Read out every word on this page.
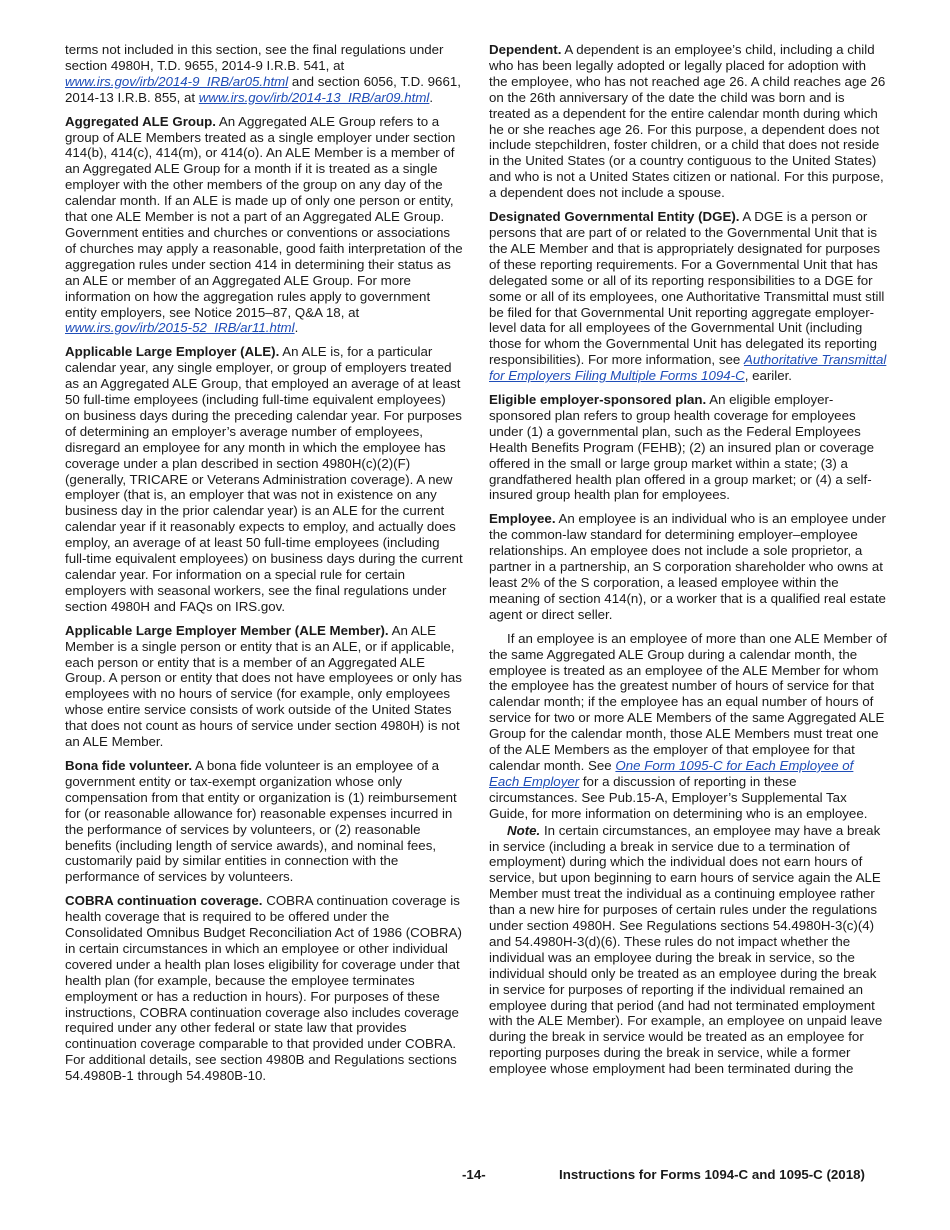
terms not included in this section, see the final regulations under section 4980H, T.D. 9655, 2014-9 I.R.B. 541, at www.irs.gov/irb/2014-9_IRB/ar05.html and section 6056, T.D. 9661, 2014-13 I.R.B. 855, at www.irs.gov/irb/2014-13_IRB/ar09.html.

Aggregated ALE Group. An Aggregated ALE Group refers to a group of ALE Members treated as a single employer under section 414(b), 414(c), 414(m), or 414(o). An ALE Member is a member of an Aggregated ALE Group for a month if it is treated as a single employer with the other members of the group on any day of the calendar month. If an ALE is made up of only one person or entity, that one ALE Member is not a part of an Aggregated ALE Group. Government entities and churches or conventions or associations of churches may apply a reasonable, good faith interpretation of the aggregation rules under section 414 in determining their status as an ALE or member of an Aggregated ALE Group. For more information on how the aggregation rules apply to government entity employers, see Notice 2015–87, Q&A 18, at www.irs.gov/irb/2015-52_IRB/ar11.html.

Applicable Large Employer (ALE). An ALE is, for a particular calendar year, any single employer, or group of employers treated as an Aggregated ALE Group, that employed an average of at least 50 full-time employees (including full-time equivalent employees) on business days during the preceding calendar year. For purposes of determining an employer’s average number of employees, disregard an employee for any month in which the employee has coverage under a plan described in section 4980H(c)(2)(F) (generally, TRICARE or Veterans Administration coverage). A new employer (that is, an employer that was not in existence on any business day in the prior calendar year) is an ALE for the current calendar year if it reasonably expects to employ, and actually does employ, an average of at least 50 full-time employees (including full-time equivalent employees) on business days during the current calendar year. For information on a special rule for certain employers with seasonal workers, see the final regulations under section 4980H and FAQs on IRS.gov.

Applicable Large Employer Member (ALE Member). An ALE Member is a single person or entity that is an ALE, or if applicable, each person or entity that is a member of an Aggregated ALE Group. A person or entity that does not have employees or only has employees with no hours of service (for example, only employees whose entire service consists of work outside of the United States that does not count as hours of service under section 4980H) is not an ALE Member.

Bona fide volunteer. A bona fide volunteer is an employee of a government entity or tax-exempt organization whose only compensation from that entity or organization is (1) reimbursement for (or reasonable allowance for) reasonable expenses incurred in the performance of services by volunteers, or (2) reasonable benefits (including length of service awards), and nominal fees, customarily paid by similar entities in connection with the performance of services by volunteers.

COBRA continuation coverage. COBRA continuation coverage is health coverage that is required to be offered under the Consolidated Omnibus Budget Reconciliation Act of 1986 (COBRA) in certain circumstances in which an employee or other individual covered under a health plan loses eligibility for coverage under that health plan (for example, because the employee terminates employment or has a reduction in hours). For purposes of these instructions, COBRA continuation coverage also includes coverage required under any other federal or state law that provides continuation coverage comparable to that provided under COBRA. For additional details, see section 4980B and Regulations sections 54.4980B-1 through 54.4980B-10.

Dependent. A dependent is an employee’s child, including a child who has been legally adopted or legally placed for adoption with the employee, who has not reached age 26. A child reaches age 26 on the 26th anniversary of the date the child was born and is treated as a dependent for the entire calendar month during which he or she reaches age 26. For this purpose, a dependent does not include stepchildren, foster children, or a child that does not reside in the United States (or a country contiguous to the United States) and who is not a United States citizen or national. For this purpose, a dependent does not include a spouse.

Designated Governmental Entity (DGE). A DGE is a person or persons that are part of or related to the Governmental Unit that is the ALE Member and that is appropriately designated for purposes of these reporting requirements. For a Governmental Unit that has delegated some or all of its reporting responsibilities to a DGE for some or all of its employees, one Authoritative Transmittal must still be filed for that Governmental Unit reporting aggregate employer-level data for all employees of the Governmental Unit (including those for whom the Governmental Unit has delegated its reporting responsibilities). For more information, see Authoritative Transmittal for Employers Filing Multiple Forms 1094-C, eariler.

Eligible employer-sponsored plan. An eligible employer-sponsored plan refers to group health coverage for employees under (1) a governmental plan, such as the Federal Employees Health Benefits Program (FEHB); (2) an insured plan or coverage offered in the small or large group market within a state; (3) a grandfathered health plan offered in a group market; or (4) a self-insured group health plan for employees.

Employee. An employee is an individual who is an employee under the common-law standard for determining employer–employee relationships. An employee does not include a sole proprietor, a partner in a partnership, an S corporation shareholder who owns at least 2% of the S corporation, a leased employee within the meaning of section 414(n), or a worker that is a qualified real estate agent or direct seller.

If an employee is an employee of more than one ALE Member of the same Aggregated ALE Group during a calendar month, the employee is treated as an employee of the ALE Member for whom the employee has the greatest number of hours of service for that calendar month; if the employee has an equal number of hours of service for two or more ALE Members of the same Aggregated ALE Group for the calendar month, those ALE Members must treat one of the ALE Members as the employer of that employee for that calendar month. See One Form 1095-C for Each Employee of Each Employer for a discussion of reporting in these circumstances. See Pub.15-A, Employer’s Supplemental Tax Guide, for more information on determining who is an employee.

Note. In certain circumstances, an employee may have a break in service (including a break in service due to a termination of employment) during which the individual does not earn hours of service, but upon beginning to earn hours of service again the ALE Member must treat the individual as a continuing employee rather than a new hire for purposes of certain rules under the regulations under section 4980H. See Regulations sections 54.4980H-3(c)(4) and 54.4980H-3(d)(6). These rules do not impact whether the individual was an employee during the break in service, so the individual should only be treated as an employee during the break in service for purposes of reporting if the individual remained an employee during that period (and had not terminated employment with the ALE Member). For example, an employee on unpaid leave during the break in service would be treated as an employee for reporting purposes during the break in service, while a former employee whose employment had been terminated during the

-14-	Instructions for Forms 1094-C and 1095-C (2018)
